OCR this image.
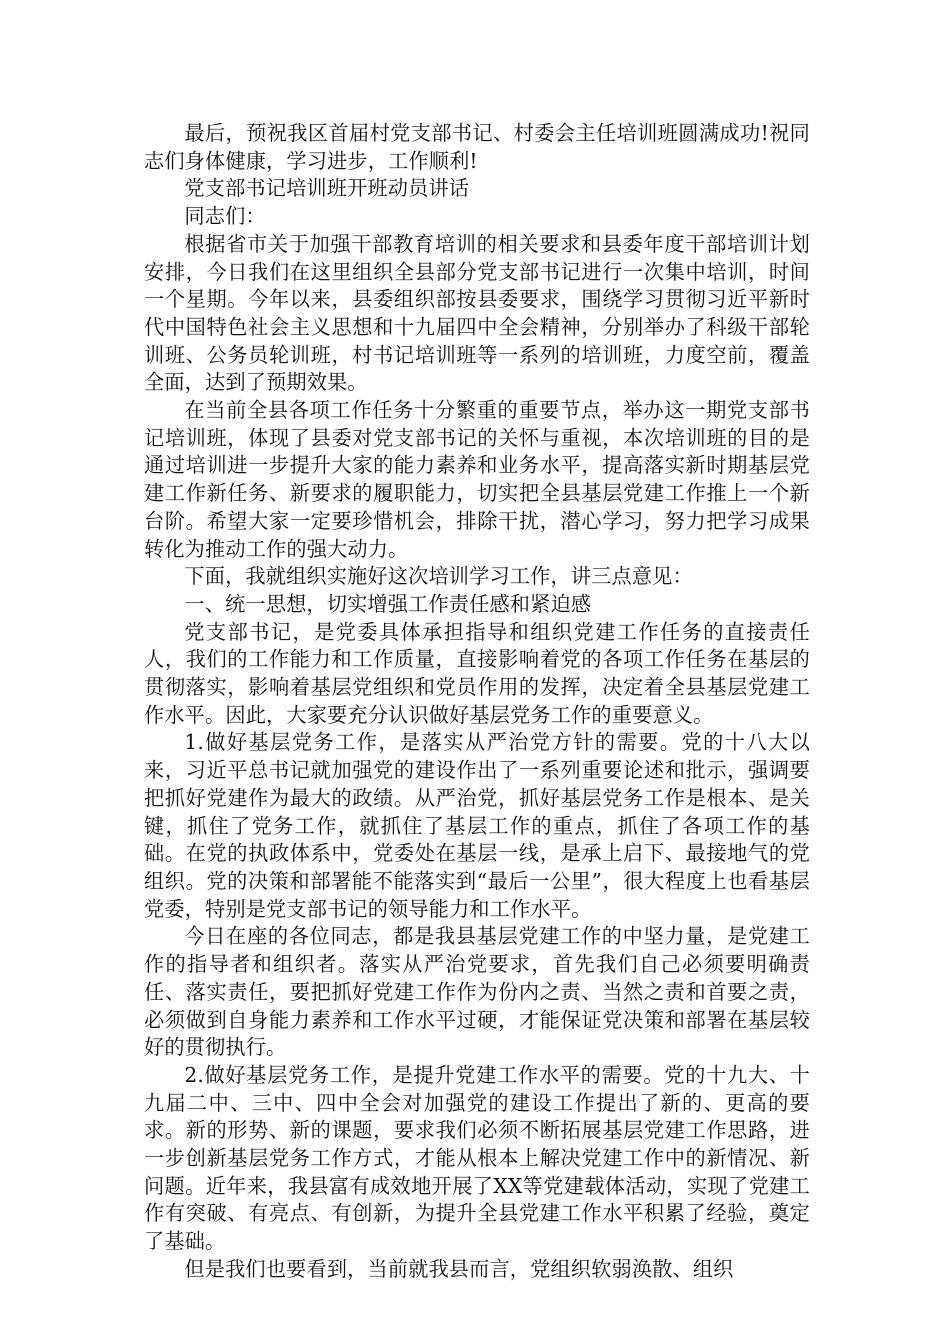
最后，预祝我区首届村党支部书记、村委会主任培训班圆满成功!祝同志们身体健康，学习进步，工作顺利!

党支部书记培训班开班动员讲话

同志们：

根据省市关于加强干部教育培训的相关要求和县委年度干部培训计划安排，今日我们在这里组织全县部分党支部书记进行一次集中培训，时间一个星期。今年以来，县委组织部按县委要求，围绕学习贯彻习近平新时代中国特色社会主义思想和十九届四中全会精神，分别举办了科级干部轮训班、公务员轮训班，村书记培训班等一系列的培训班，力度空前，覆盖全面，达到了预期效果。

在当前全县各项工作任务十分繁重的重要节点，举办这一期党支部书记培训班，体现了县委对党支部书记的关怀与重视，本次培训班的目的是通过培训进一步提升大家的能力素养和业务水平，提高落实新时期基层党建工作新任务、新要求的履职能力，切实把全县基层党建工作推上一个新台阶。希望大家一定要珍惜机会，排除干扰，潜心学习，努力把学习成果转化为推动工作的强大动力。

下面，我就组织实施好这次培训学习工作，讲三点意见：

一、统一思想，切实增强工作责任感和紧迫感

党支部书记，是党委具体承担指导和组织党建工作任务的直接责任人，我们的工作能力和工作质量，直接影响着党的各项工作任务在基层的贯彻落实，影响着基层党组织和党员作用的发挥，决定着全县基层党建工作水平。因此，大家要充分认识做好基层党务工作的重要意义。

1.做好基层党务工作，是落实从严治党方针的需要。党的十八大以来，习近平总书记就加强党的建设作出了一系列重要论述和批示，强调要把抓好党建作为最大的政绩。从严治党，抓好基层党务工作是根本、是关键，抓住了党务工作，就抓住了基层工作的重点，抓住了各项工作的基础。在党的执政体系中，党委处在基层一线，是承上启下、最接地气的党组织。党的决策和部署能不能落实到“最后一公里”，很大程度上也看基层党委，特别是党支部书记的领导能力和工作水平。

今日在座的各位同志，都是我县基层党建工作的中坚力量，是党建工作的指导者和组织者。落实从严治党要求，首先我们自己必须要明确责任、落实责任，要把抓好党建工作作为份内之责、当然之责和首要之责，必须做到自身能力素养和工作水平过硬，才能保证党决策和部署在基层较好的贯彻执行。

2.做好基层党务工作，是提升党建工作水平的需要。党的十九大、十九届二中、三中、四中全会对加强党的建设工作提出了新的、更高的要求。新的形势、新的课题，要求我们必须不断拓展基层党建工作思路，进一步创新基层党务工作方式，才能从根本上解决党建工作中的新情况、新问题。近年来，我县富有成效地开展了XX等党建载体活动，实现了党建工作有突破、有亮点、有创新，为提升全县党建工作水平积累了经验，奠定了基础。

但是我们也要看到，当前就我县而言，党组织软弱涣散、组织
